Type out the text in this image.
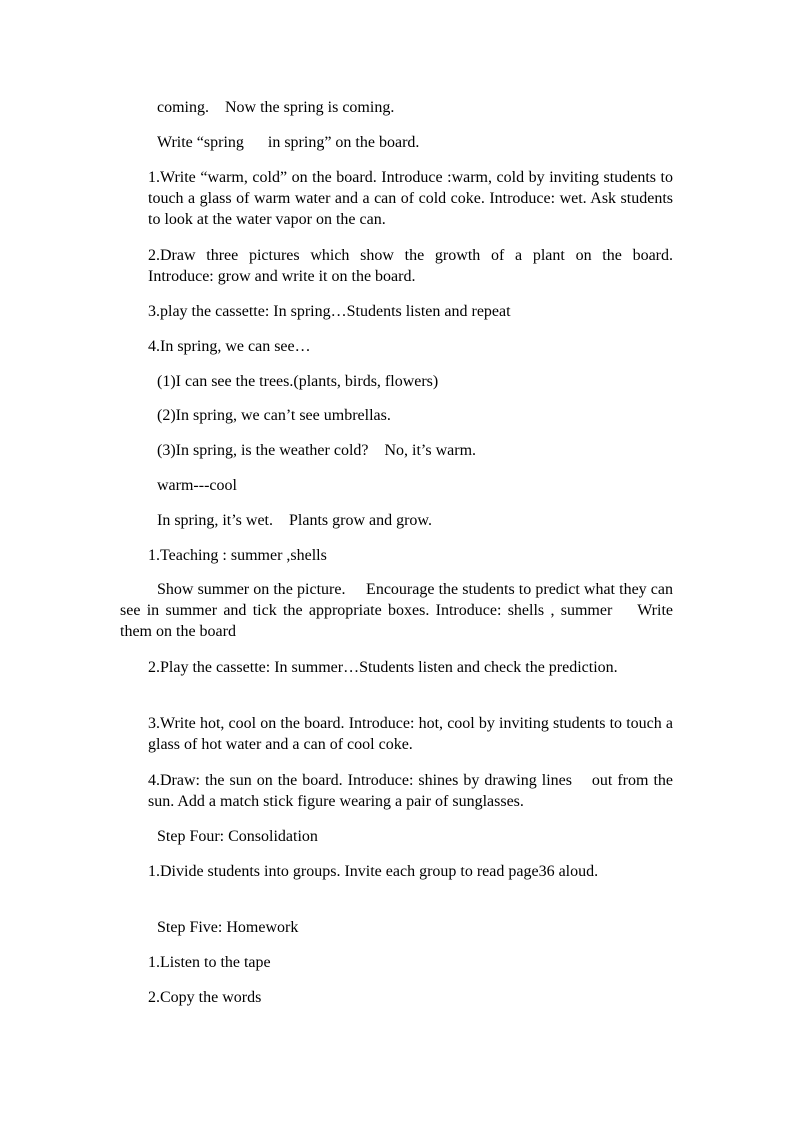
coming.    Now the spring is coming.

Write “spring      in spring” on the board.

1.Write “warm, cold” on the board. Introduce :warm, cold by inviting students to touch a glass of warm water and a can of cold coke. Introduce: wet. Ask students to look at the water vapor on the can.

2.Draw three pictures which show the growth of a plant on the board.    Introduce: grow and write it on the board.

3.play the cassette: In spring…Students listen and repeat

4.In spring, we can see…

(1)I can see the trees.(plants, birds, flowers)

(2)In spring, we can’t see umbrellas.

(3)In spring, is the weather cold?    No, it’s warm.

warm---cool

In spring, it’s wet.    Plants grow and grow.

1.Teaching : summer ,shells

Show summer on the picture.     Encourage the students to predict what they can see in summer and tick the appropriate boxes. Introduce: shells , summer    Write them on the board

2.Play the cassette: In summer…Students listen and check the prediction.

3.Write hot, cool on the board. Introduce: hot, cool by inviting students to touch a glass of hot water and a can of cool coke.

4.Draw: the sun on the board. Introduce: shines by drawing lines    out from the sun. Add a match stick figure wearing a pair of sunglasses.

Step Four: Consolidation

1.Divide students into groups. Invite each group to read page36 aloud.

Step Five: Homework

1.Listen to the tape

2.Copy the words
